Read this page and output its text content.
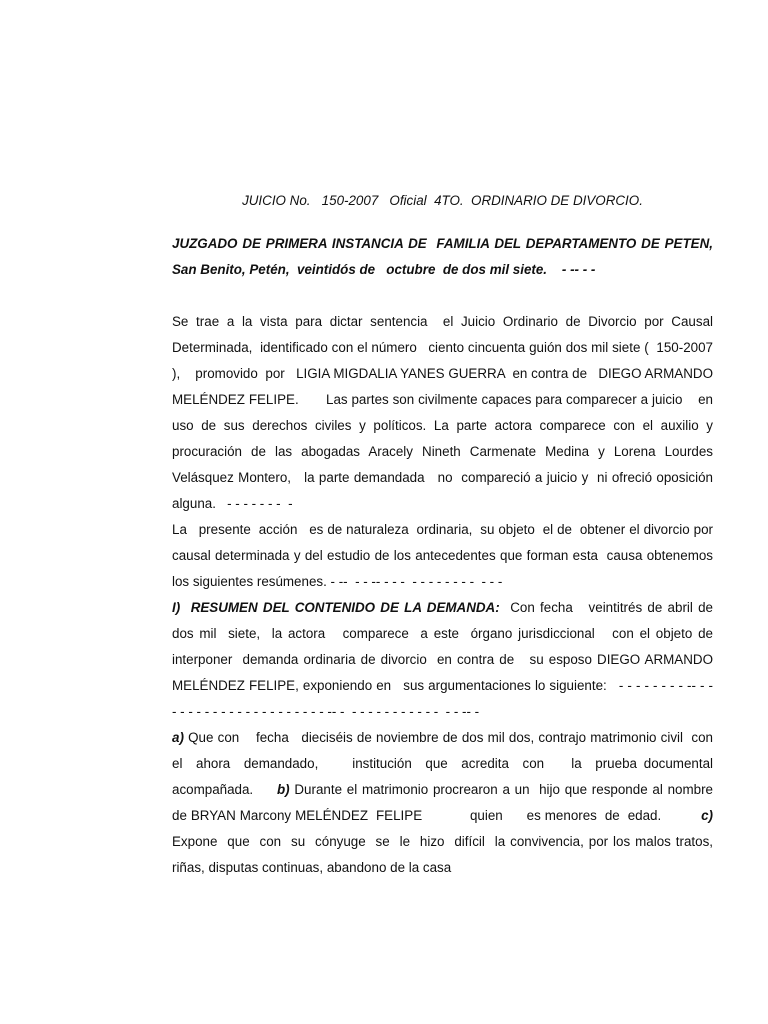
JUICIO No.   150-2007   Oficial  4TO.  ORDINARIO DE DIVORCIO.
JUZGADO DE PRIMERA INSTANCIA DE  FAMILIA DEL DEPARTAMENTO DE PETEN, San Benito, Petén,  veintidós de   octubre  de dos mil siete.    - -- - -

Se trae a la vista para dictar sentencia  el Juicio Ordinario de Divorcio por Causal Determinada,  identificado con el número   ciento cincuenta guión dos mil siete (  150-2007 ),    promovido  por   LIGIA MIGDALIA YANES GUERRA  en contra de   DIEGO ARMANDO MELÉNDEZ FELIPE.       Las partes son civilmente capaces para comparecer a juicio    en uso de sus derechos civiles y políticos. La parte actora comparece con el auxilio y procuración de las abogadas Aracely Nineth Carmenate Medina y Lorena Lourdes Velásquez Montero,   la parte demandada   no  compareció a juicio y  ni ofreció oposición alguna.   - - - - - - -  -

La   presente  acción   es de naturaleza  ordinaria,  su objeto  el de  obtener el divorcio por causal determinada y del estudio de los antecedentes que forman esta  causa obtenemos los siguientes resúmenes. - --  - - -- - - -  - - - - - - - -  - - -

I)  RESUMEN DEL CONTENIDO DE LA DEMANDA:  Con fecha   veintitrés de abril de dos mil  siete,  la actora   comparece  a este  órgano jurisdiccional   con el objeto de  interponer  demanda ordinaria de divorcio  en contra de   su esposo DIEGO ARMANDO MELÉNDEZ FELIPE, exponiendo en   sus argumentaciones lo siguiente:   - - - - - - - - -- - - - - - - - - - - - - - - - - - - - - - -- -  - - - - - - - - - - -  - - -- -

a) Que con    fecha   dieciséis de noviembre de dos mil dos, contrajo matrimonio civil  con  el  ahora  demandado,     institución  que  acredita  con    la  prueba documental acompañada.     b) Durante el matrimonio procrearon a un  hijo que responde al nombre de BRYAN Marcony MELÉNDEZ  FELIPE            quien      es menores  de  edad.          c)   Expone  que  con  su  cónyuge  se  le  hizo  difícil  la convivencia, por los malos tratos, riñas, disputas continuas, abandono de la casa
